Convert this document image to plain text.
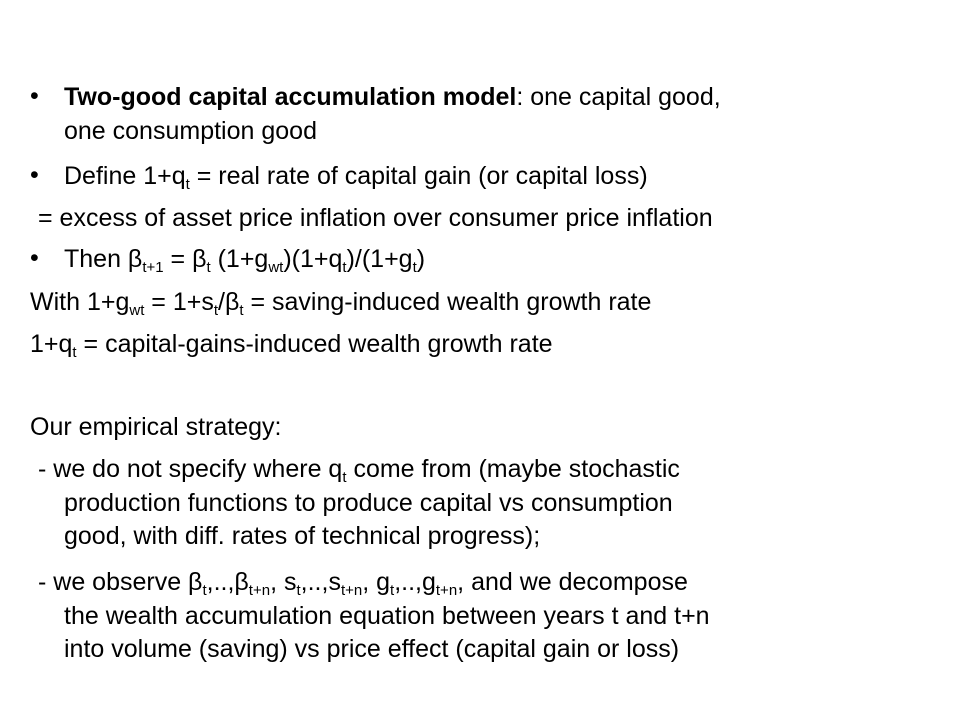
• Two-good capital accumulation model: one capital good,
one consumption good
• Define $1+q_t$ = real rate of capital gain (or capital loss)
= excess of asset price inflation over consumer price inflation
• Then $\beta_{t+1} = \beta_t$ $(1+g_{wt})(1+q_t)/(1+g_t)$
With $1+g_{wt} = 1+s_t/\beta_t$ = saving-induced wealth growth rate
$1+q_t$ = capital-gains-induced wealth growth rate
Our empirical strategy:
- we do not specify where $q_t$ come from (maybe stochastic
production functions to produce capital vs consumption
good, with diff. rates of technical progress);
- we observe $\beta_t,..,\beta_{t+n}$, $s_t,..,s_{t+n}$, $g_t,..,g_{t+n}$, and we decompose
the wealth accumulation equation between years t and t+n
into volume (saving) vs price effect (capital gain or loss)
